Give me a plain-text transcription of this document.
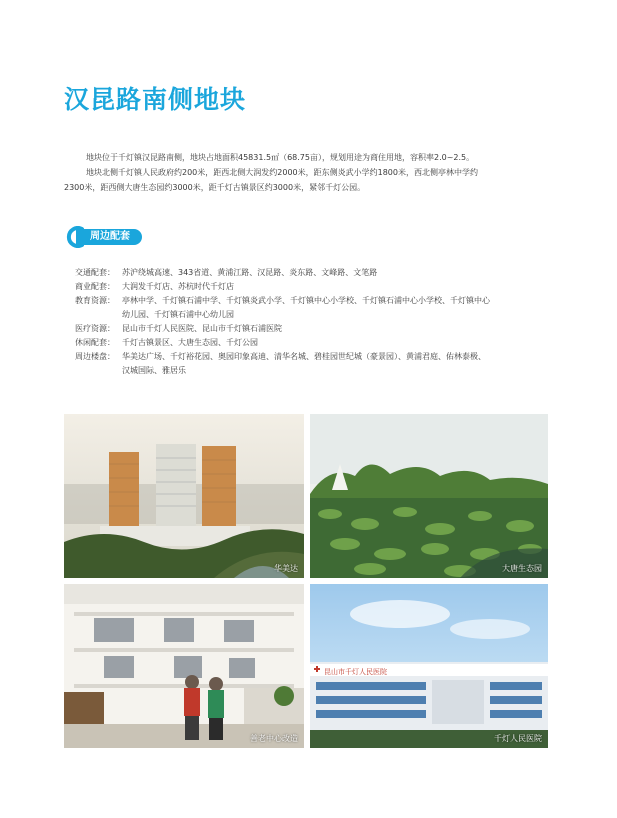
汉昆路南侧地块

地块位于千灯镇汉昆路南侧，地块占地面积45831.5㎡（68.75亩），规划用途为商住用地，容积率2.0~2.5。

地块北侧千灯镇人民政府约200米，距西北侧大润发约2000米，距东侧炎武小学约1800米，西北侧亭林中学约

2300米，距西侧大唐生态园约3000米，距千灯古镇景区约3000米，紧邻千灯公园。

周边配套
交通配套： 苏沪绕城高速、343省道、黄浦江路、汉昆路、炎东路、文峰路、文笔路
商业配套： 大润发千灯店、苏杭时代千灯店
教育资源： 亭林中学、千灯镇石浦中学、千灯镇炎武小学、千灯镇中心小学校、千灯镇石浦中心小学校、千灯镇中心
幼儿园、千灯镇石浦中心幼儿园
医疗资源： 昆山市千灯人民医院、昆山市千灯镇石浦医院
休闲配套： 千灯古镇景区、大唐生态园、千灯公园
周边楼盘： 华美达广场、千灯裕花园、奥园印象高迪、清华名城、碧桂园世纪城（豪景园）、黄浦君庭、佑林泰极、
汉城国际、雅居乐
华美达	大唐生态园
善老中心改造
昆山市千灯人民医院
千灯人民医院
